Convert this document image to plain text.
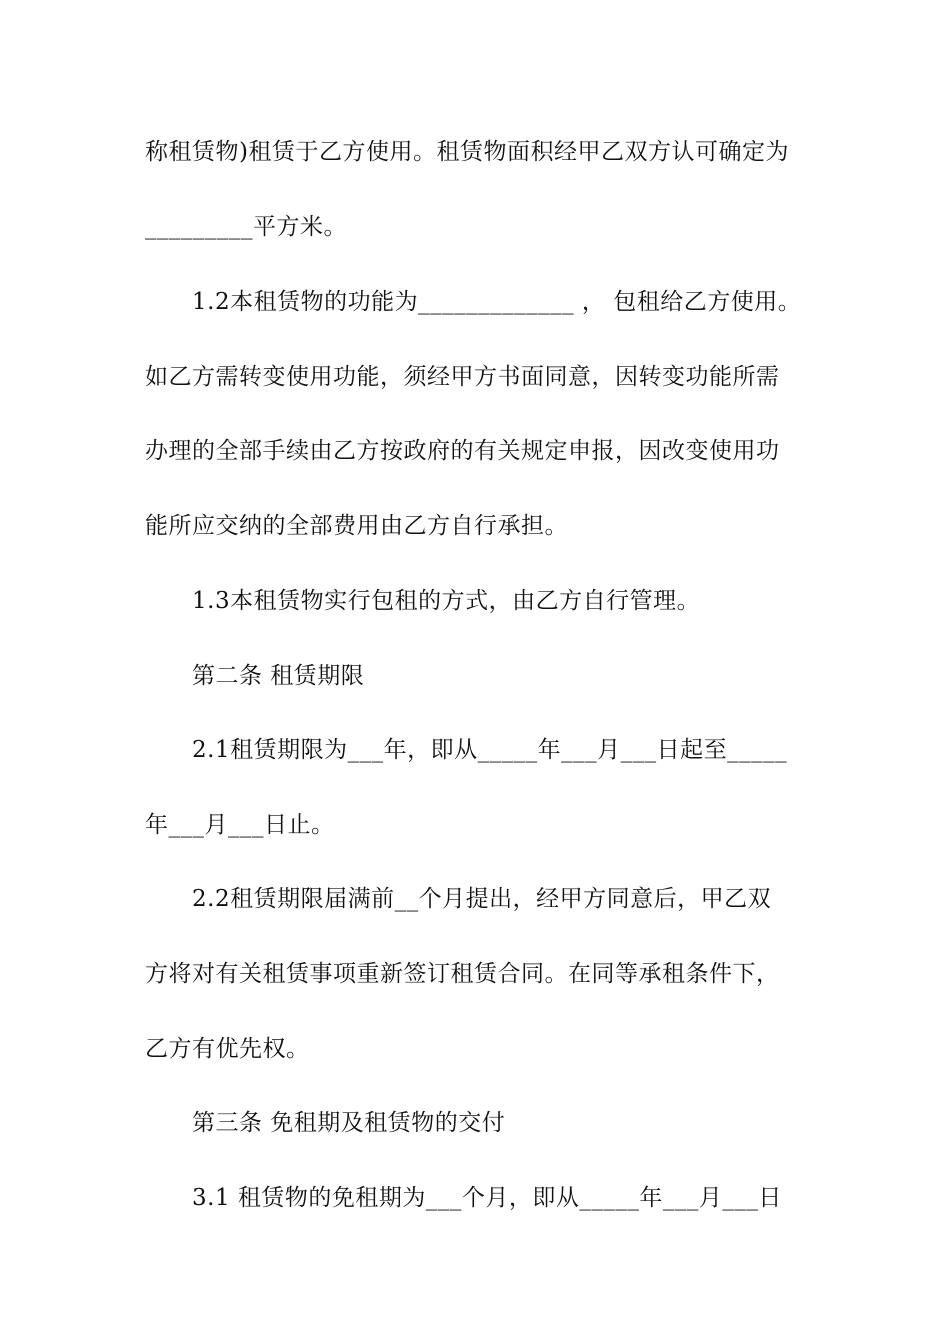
称租赁物)租赁于乙方使用。租赁物面积经甲乙双方认可确定为
_________平方米。
1.2本租赁物的功能为_____________ ， 包租给乙方使用。
如乙方需转变使用功能，须经甲方书面同意，因转变功能所需
办理的全部手续由乙方按政府的有关规定申报，因改变使用功
能所应交纳的全部费用由乙方自行承担。
1.3本租赁物实行包租的方式，由乙方自行管理。
第二条 租赁期限
2.1租赁期限为___年，即从_____年___月___日起至_____
年___月___日止。
2.2租赁期限届满前__个月提出，经甲方同意后，甲乙双
方将对有关租赁事项重新签订租赁合同。在同等承租条件下，
乙方有优先权。
第三条 免租期及租赁物的交付
3.1 租赁物的免租期为___个月，即从_____年___月___日
